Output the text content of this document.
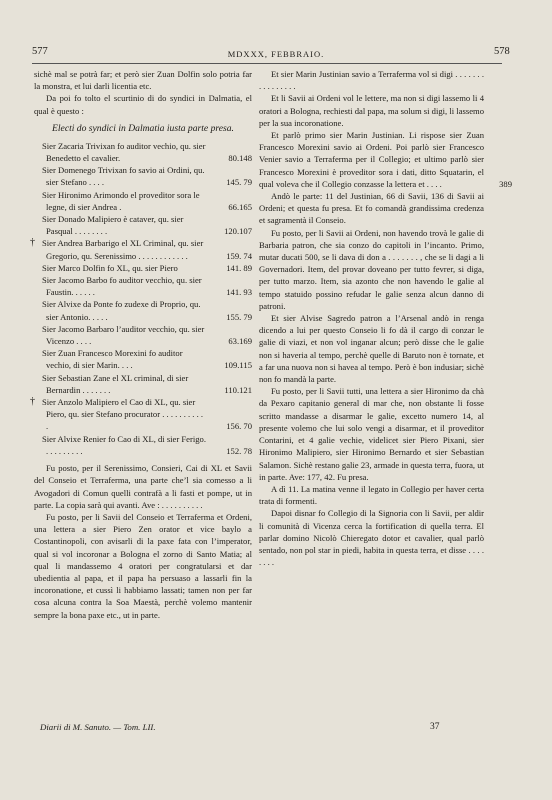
577	MDXXX, FEBBRAIO.	578

sichè mal se potrà far; et però sier Zuan Dolfin solo potria far la monstra, et lui darli licentia etc.

Da poi fo tolto el scurtinio di do syndici in Dalmatia, el qual è questo :

Electi do syndici in Dalmatia iusta parte presa.

Sier Zacaria Trivixan fo auditor vechio, qu. sier Benedetto el cavalier.	80.148
Sier Domenego Trivixan fo savio ai Ordini, qu. sier Stefano . . . .	145. 79
Sier Hironimo Arimondo el proveditor sora le legne, di sier Andrea .	66.165
Sier Donado Malipiero è cataver, qu. sier Pasqual . . . . . . . .	120.107
† Sier Andrea Barbarigo el XL Criminal, qu. sier Gregorio, qu. Serenissimo . . . . . . . . . . . .	159. 74
Sier Marco Dolfin fo XL, qu. sier Piero	141. 89
Sier Jacomo Barbo fo auditor vecchio, qu. sier Faustin. . . . . .	141. 93
Sier Alvixe da Ponte fo zudexe di Proprio, qu. sier Antonio. . . . .	155. 79
Sier Jacomo Barbaro l’auditor vecchio, qu. sier Vicenzo . . . .	63.169
Sier Zuan Francesco Morexini fo auditor vechio, di sier Marin. . . .	109.115
Sier Sebastian Zane el XL criminal, di sier Bernardin . . . . . . .	110.121
† Sier Anzolo Malipiero el Cao di XL, qu. sier Piero, qu. sier Stefano procurator . . . . . . . . . . .	156. 70
Sier Alvixe Renier fo Cao di XL, di sier Ferigo. . . . . . . . . .	152. 78

Fu posto, per il Serenissimo, Consieri, Cai di XL et Savii del Conseio et Terraferma, una parte che’l sia comesso a li Avogadori di Comun quelli contrafà a li fasti et pompe, ut in parte. La copia sarà qui avanti. Ave : . . . . . . . . . .

Fu posto, per li Savii del Conseio et Terraferma et Ordeni, una lettera a sier Piero Zen orator et vice baylo a Costantinopoli, con avisarli di la paxe fata con l’imperator, qual si vol incoronar a Bologna el zorno di Santo Matia; al qual li mandassemo 4 oratori per congratularsi et dar ubedientia al papa, et il papa ha persuaso a lassarli fin la incoronatione, et cussì li habbiamo lassati; tamen non per far cosa alcuna contra la Soa Maestà, perchè volemo mantenir sempre la bona paxe etc., ut in parte.

Et sier Marin Justinian savio a Terraferma vol si digi . . . . . . . . . . . . . . . .

Et li Savii ai Ordeni vol le lettere, ma non si digi lassemo li 4 oratori a Bologna, rechiesti dal papa, ma solum si digi, li lassemo per la sua incoronatione.

Et parlò primo sier Marin Justinian. Li rispose sier Zuan Francesco Morexini savio ai Ordeni. Poi parlò sier Francesco Venier savio a Terraferma per il Collegio; et ultimo parlò sier Francesco Morexini è proveditor sora i dati, ditto Squatarin, el qual voleva che il Collegio conzasse la lettera et . . . .	389

Andò le parte: 11 del Justinian, 66 di Savii, 136 di Savii ai Ordeni; et questa fu presa. Et fo comandà grandissima credenza et sagramentà il Conseio.

Fu posto, per li Savii ai Ordeni, non havendo trovà le galie di Barbaria patron, che sia conzo do capitoli in l’incanto. Primo, mutar ducati 500, se li dava di don a . . . . . . . , che se li dagi a li Governadori. Item, del provar doveano per tutto fevrer, si diga, per tutto marzo. Item, sia azonto che non havendo le galie al tempo statuido possino refudar le galie senza alcun danno di patroni.

Et sier Alvise Sagredo patron a l’Arsenal andò in renga dicendo a lui per questo Conseio li fo dà il cargo di conzar le galie di viazi, et non vol inganar alcun; però disse che le galie non si haveria al tempo, perchè quelle di Baruto non è tornate, et a far una nuova non si havea al tempo. Però è bon indusiar; sichè non fo mandà la parte.

Fu posto, per li Savii tutti, una lettera a sier Hironimo da chà da Pexaro capitanio general di mar che, non obstante li fosse scritto mandasse a disarmar le galie, excetto numero 14, al presente volemo che lui solo vengi a disarmar, et il proveditor Contarini, et 4 galie vechie, videlicet sier Piero Pixani, sier Hironimo Malipiero, sier Hironimo Bernardo et sier Sebastian Salamon. Sichè restano galie 23, armade in questa terra, fuora, ut in parte. Ave: 177, 42. Fu presa.

A dì 11. La matina venne il legato in Collegio per haver certa trata di formenti.

Dapoi disnar fo Collegio di la Signoria con li Savii, per aldir li comunità di Vicenza cerca la fortification di quella terra. El parlar domino Nicolò Chieregato dotor et cavalier, qual parlò sentado, non pol star in piedi, habita in questa terra, et disse . . . . . . . .

Diarii di M. Sanuto. — Tom. LII.	37
